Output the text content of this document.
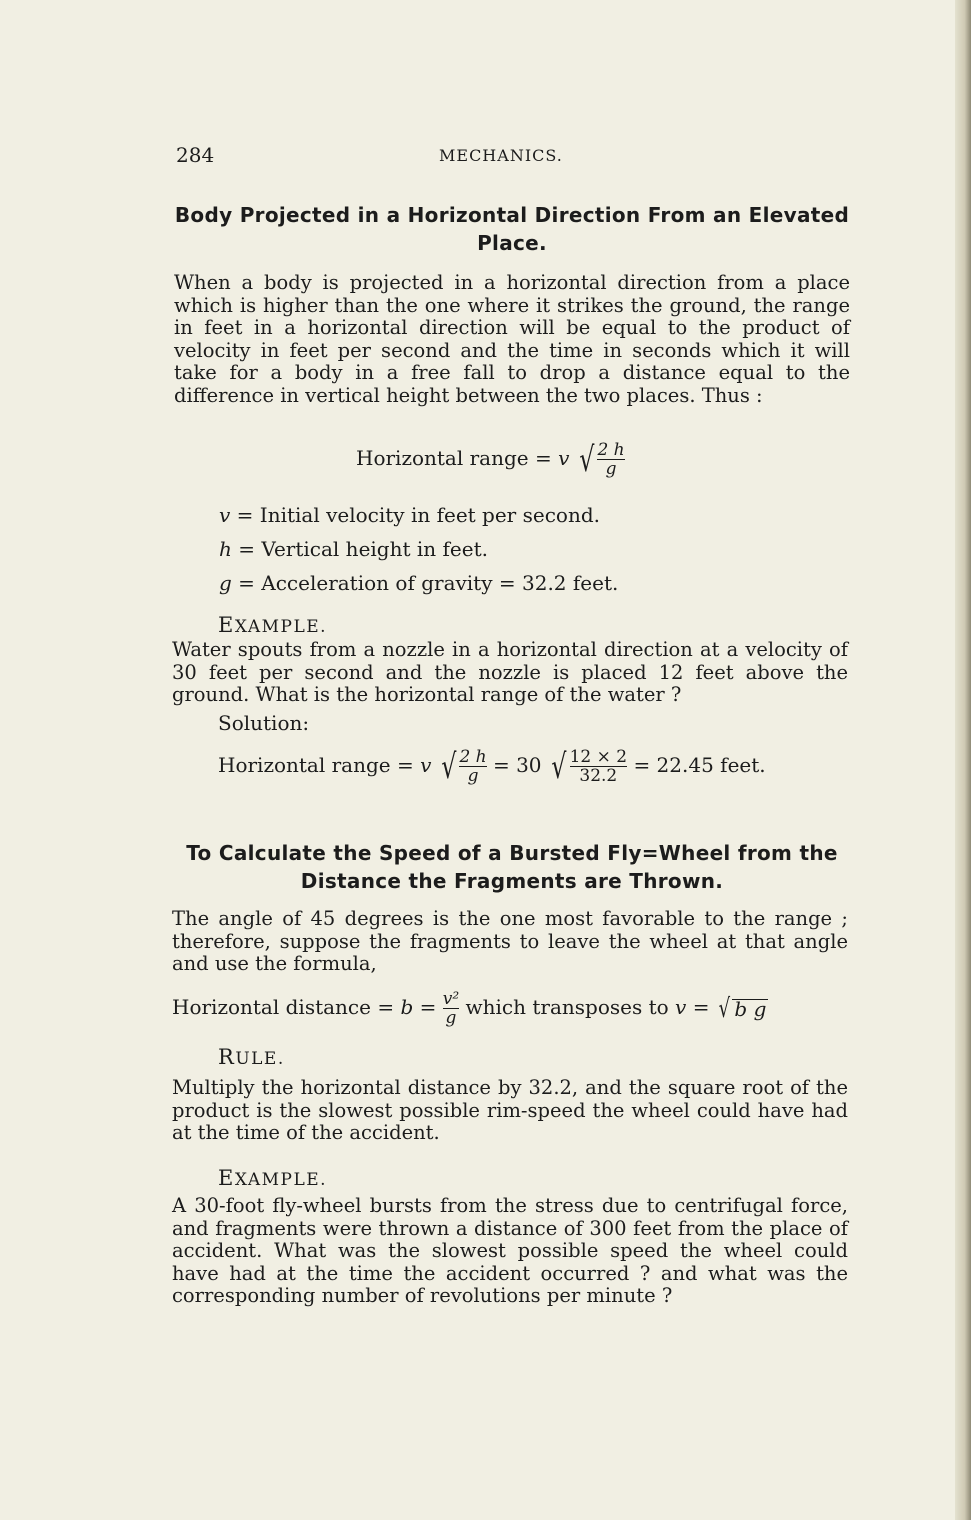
284	MECHANICS.
Body Projected in a Horizontal Direction From an Elevated Place.
When a body is projected in a horizontal direction from a place which is higher than the one where it strikes the ground, the range in feet in a horizontal direction will be equal to the product of velocity in feet per second and the time in seconds which it will take for a body in a free fall to drop a distance equal to the difference in vertical height between the two places. Thus :
Horizontal range = v √ $\frac{2 h}{g}$
v = Initial velocity in feet per second.
h = Vertical height in feet.
g = Acceleration of gravity = 32.2 feet.
EXAMPLE.
Water spouts from a nozzle in a horizontal direction at a velocity of 30 feet per second and the nozzle is placed 12 feet above the ground. What is the horizontal range of the water ?
Solution:
Horizontal range = v √ $\frac{2 h}{g} = 30$ √ $\frac{12 \times 2}{32.2} = 22.45$ feet.
To Calculate the Speed of a Bursted Fly=Wheel from the Distance the Fragments are Thrown.
The angle of 45 degrees is the one most favorable to the range ; therefore, suppose the fragments to leave the wheel at that angle and use the formula,
Horizontal distance = $b = \frac{\text{v²}}{g}$ which transposes to v = √ b g
RULE.
Multiply the horizontal distance by 32.2, and the square root of the product is the slowest possible rim-speed the wheel could have had at the time of the accident.
EXAMPLE.
A 30-foot fly-wheel bursts from the stress due to centrifugal force, and fragments were thrown a distance of 300 feet from the place of accident. What was the slowest possible speed the wheel could have had at the time the accident occurred ? and what was the corresponding number of revolutions per minute ?
